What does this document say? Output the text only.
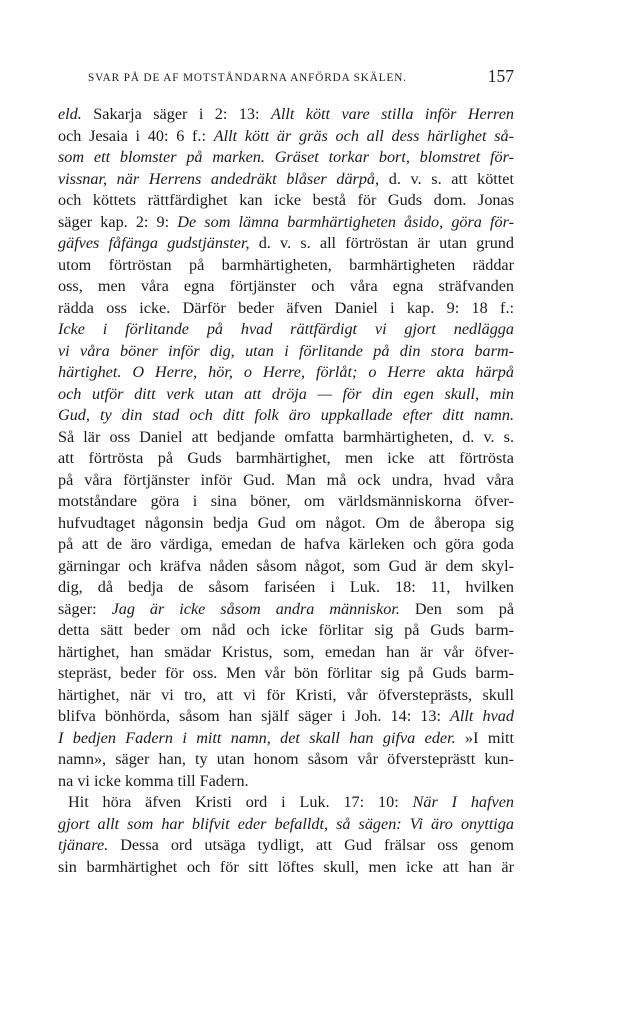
SVAR PÅ DE AF MOTSTÅNDARNA ANFÖRDA SKÄLEN.	157
eld. Sakarja säger i 2: 13: Allt kött vare stilla inför Herren
och Jesaia i 40: 6 f.: Allt kött är gräs och all dess härlighet så-
som ett blomster på marken. Gräset torkar bort, blomstret för-
vissnar, när Herrens andedräkt blåser därpå, d. v. s. att köttet
och köttets rättfärdighet kan icke bestå för Guds dom. Jonas
säger kap. 2: 9: De som lämna barmhärtigheten åsido, göra för-
gäfves fåfänga gudstjänster, d. v. s. all förtröstan är utan grund
utom förtröstan på barmhärtigheten, barmhärtigheten räddar
oss, men våra egna förtjänster och våra egna sträfvanden
rädda oss icke. Därför beder äfven Daniel i kap. 9: 18 f.:
Icke i förlitande på hvad rättfärdigt vi gjort nedlägga
vi våra böner inför dig, utan i förlitande på din stora barm-
härtighet. O Herre, hör, o Herre, förlåt; o Herre akta härpå
och utför ditt verk utan att dröja — för din egen skull, min
Gud, ty din stad och ditt folk äro uppkallade efter ditt namn.
Så lär oss Daniel att bedjande omfatta barmhärtigheten, d. v. s.
att förtrösta på Guds barmhärtighet, men icke att förtrösta
på våra förtjänster inför Gud. Man må ock undra, hvad våra
motståndare göra i sina böner, om världsmänniskorna öfver-
hufvudtaget någonsin bedja Gud om något. Om de åberopa sig
på att de äro värdiga, emedan de hafva kärleken och göra goda
gärningar och kräfva nåden såsom något, som Gud är dem skyl-
dig, då bedja de såsom fariséen i Luk. 18: 11, hvilken
säger: Jag är icke såsom andra människor. Den som på
detta sätt beder om nåd och icke förlitar sig på Guds barm-
härtighet, han smädar Kristus, som, emedan han är vår öfver-
stepräst, beder för oss. Men vår bön förlitar sig på Guds barm-
härtighet, när vi tro, att vi för Kristi, vår öfversteprästs, skull
blifva bönhörda, såsom han själf säger i Joh. 14: 13: Allt hvad
I bedjen Fadern i mitt namn, det skall han gifva eder. »I mitt
namn», säger han, ty utan honom såsom vår öfversteprästt kun-
na vi icke komma till Fadern.
Hit höra äfven Kristi ord i Luk. 17: 10: När I hafven
gjort allt som har blifvit eder befalldt, så sägen: Vi äro onyttiga
tjänare. Dessa ord utsäga tydligt, att Gud frälsar oss genom
sin barmhärtighet och för sitt löftes skull, men icke att han är
